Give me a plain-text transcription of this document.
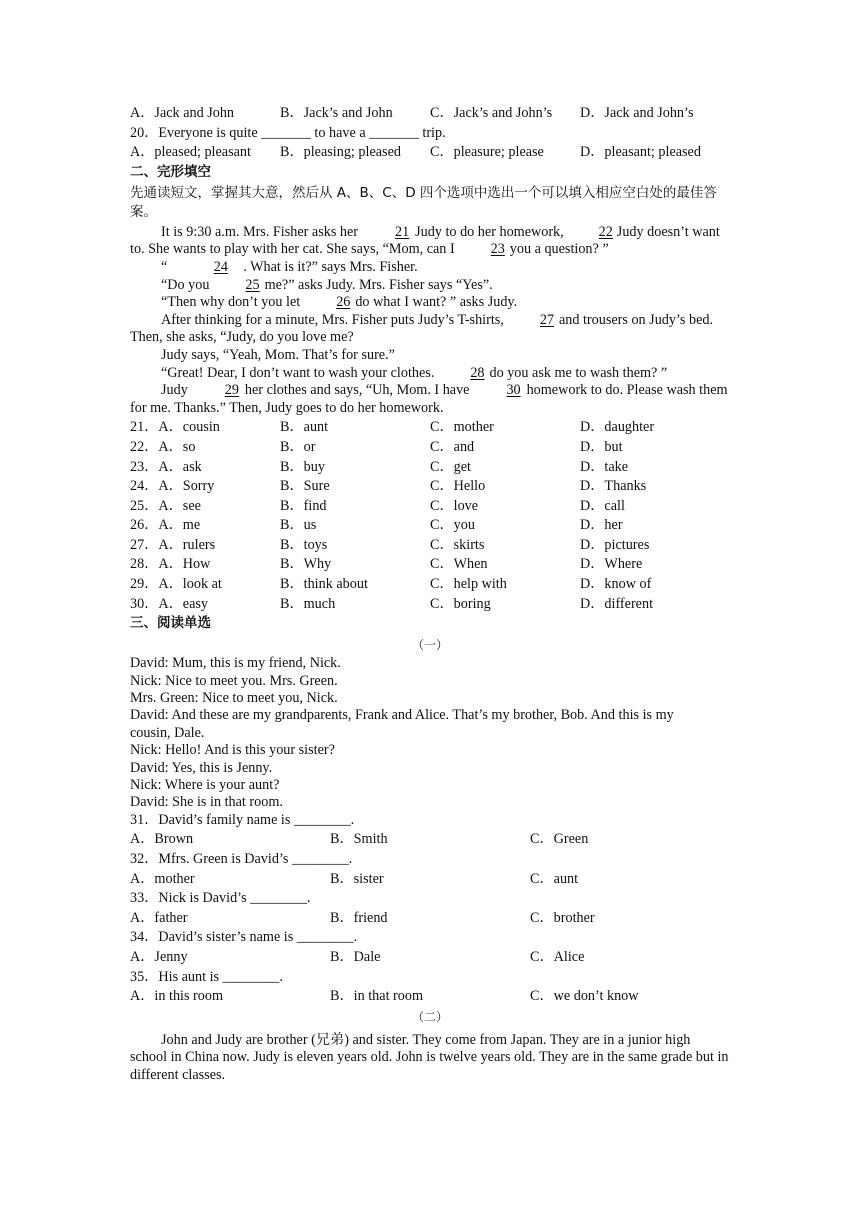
A．Jack and John	B．Jack’s and John	C．Jack’s and John’s	D．Jack and John’s
20．Everyone is quite _______ to have a _______ trip.
A．pleased; pleasant	B．pleasing; pleased	C．pleasure; please	D．pleasant; pleased
二、完形填空
先通读短文，掌握其大意，然后从 A、B、C、D 四个选项中选出一个可以填入相应空白处的最佳答案。

It is 9:30 a.m. Mrs. Fisher asks her 21 Judy to do her homework, 22 Judy doesn’t want to. She wants to play with her cat. She says, “Mom, can I 23 you a question? ”

“	24 . What is it?” says Mrs. Fisher.

“Do you 25 me?” asks Judy. Mrs. Fisher says “Yes”.

“Then why don’t you let 26 do what I want? ” asks Judy.

After thinking for a minute, Mrs. Fisher puts Judy’s T-shirts, 27 and trousers on Judy’s bed. Then, she asks, “Judy, do you love me?

Judy says, “Yeah, Mom. That’s for sure.”

“Great! Dear, I don’t want to wash your clothes. 28 do you ask me to wash them? ”

Judy 29 her clothes and says, “Uh, Mom. I have 30 homework to do. Please wash them for me. Thanks.” Then, Judy goes to do her homework.

21．A．cousin	B．aunt	C．mother	D．daughter
22．A．so	B．or	C．and	D．but
23．A．ask	B．buy	C．get	D．take
24．A．Sorry	B．Sure	C．Hello	D．Thanks
25．A．see	B．find	C．love	D．call
26．A．me	B．us	C．you	D．her
27．A．rulers	B．toys	C．skirts	D．pictures
28．A．How	B．Why	C．When	D．Where
29．A．look at	B．think about	C．help with	D．know of
30．A．easy	B．much	C．boring	D．different
三、阅读单选
（一）
David: Mum, this is my friend, Nick.
Nick: Nice to meet you. Mrs. Green.
Mrs. Green: Nice to meet you, Nick.
David: And these are my grandparents, Frank and Alice. That’s my brother, Bob. And this is my
cousin, Dale.
Nick: Hello! And is this your sister?
David: Yes, this is Jenny.
Nick: Where is your aunt?
David: She is in that room.
31．David’s family name is ________.
A．Brown	B．Smith	C．Green
32．Mfrs. Green is David’s ________.
A．mother	B．sister	C．aunt
33．Nick is David’s ________.
A．father	B．friend	C．brother
34．David’s sister’s name is ________.
A．Jenny	B．Dale	C．Alice
35．His aunt is ________.
A．in this room	B．in that room	C．we don’t know
（二）

John and Judy are brother (兄弟) and sister. They come from Japan. They are in a junior high school in China now. Judy is eleven years old. John is twelve years old. They are in the same grade but in different classes.
